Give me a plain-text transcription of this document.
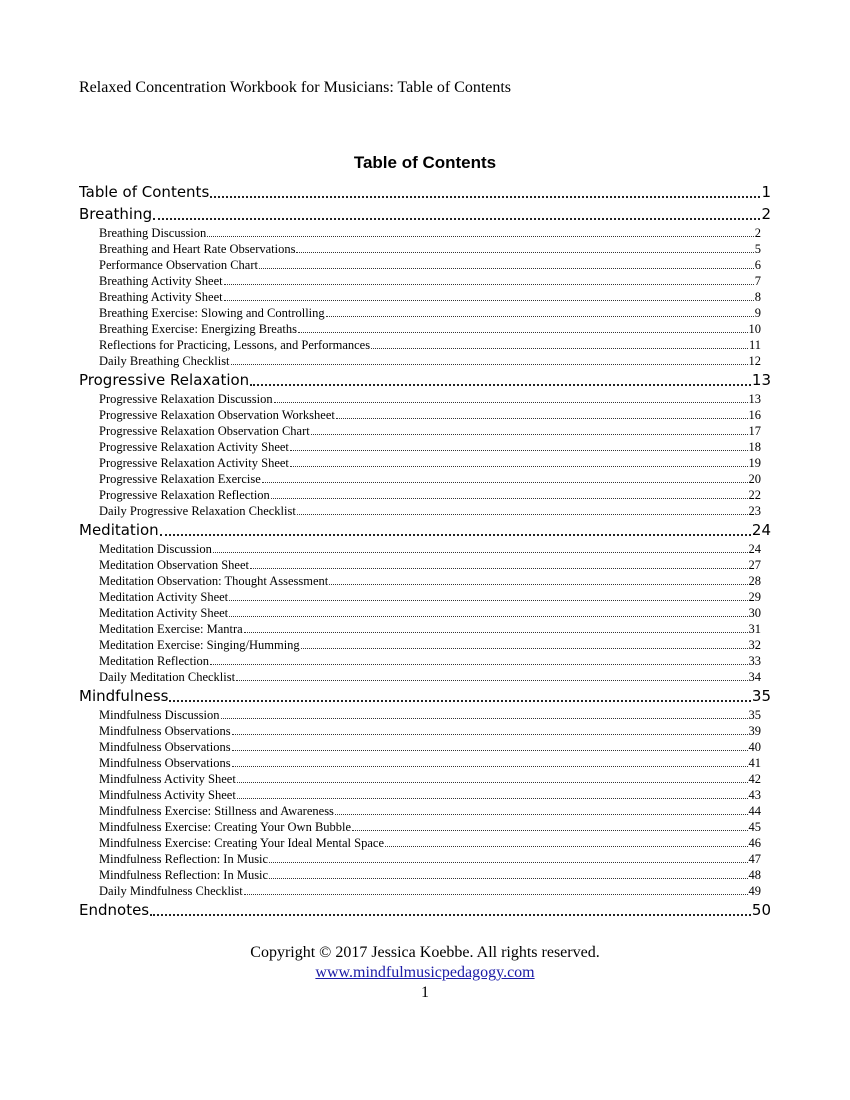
Relaxed Concentration Workbook for Musicians: Table of Contents
Table of Contents
Table of Contents	1
Breathing	2
Breathing Discussion	2
Breathing and Heart Rate Observations	5
Performance Observation Chart	6
Breathing Activity Sheet	7
Breathing Activity Sheet	8
Breathing Exercise: Slowing and Controlling	9
Breathing Exercise: Energizing Breaths	10
Reflections for Practicing, Lessons, and Performances	11
Daily Breathing Checklist	12
Progressive Relaxation	13
Progressive Relaxation Discussion	13
Progressive Relaxation Observation Worksheet	16
Progressive Relaxation Observation Chart	17
Progressive Relaxation Activity Sheet	18
Progressive Relaxation Activity Sheet	19
Progressive Relaxation Exercise	20
Progressive Relaxation Reflection	22
Daily Progressive Relaxation Checklist	23
Meditation	24
Meditation Discussion	24
Meditation Observation Sheet	27
Meditation Observation: Thought Assessment	28
Meditation Activity Sheet	29
Meditation Activity Sheet	30
Meditation Exercise: Mantra	31
Meditation Exercise: Singing/Humming	32
Meditation Reflection	33
Daily Meditation Checklist	34
Mindfulness	35
Mindfulness Discussion	35
Mindfulness Observations	39
Mindfulness Observations	40
Mindfulness Observations	41
Mindfulness Activity Sheet	42
Mindfulness Activity Sheet	43
Mindfulness Exercise: Stillness and Awareness	44
Mindfulness Exercise: Creating Your Own Bubble	45
Mindfulness Exercise: Creating Your Ideal Mental Space	46
Mindfulness Reflection: In Music	47
Mindfulness Reflection: In Music	48
Daily Mindfulness Checklist	49
Endnotes	50
Copyright © 2017 Jessica Koebbe. All rights reserved.
www.mindfulmusicpedagogy.com
1
